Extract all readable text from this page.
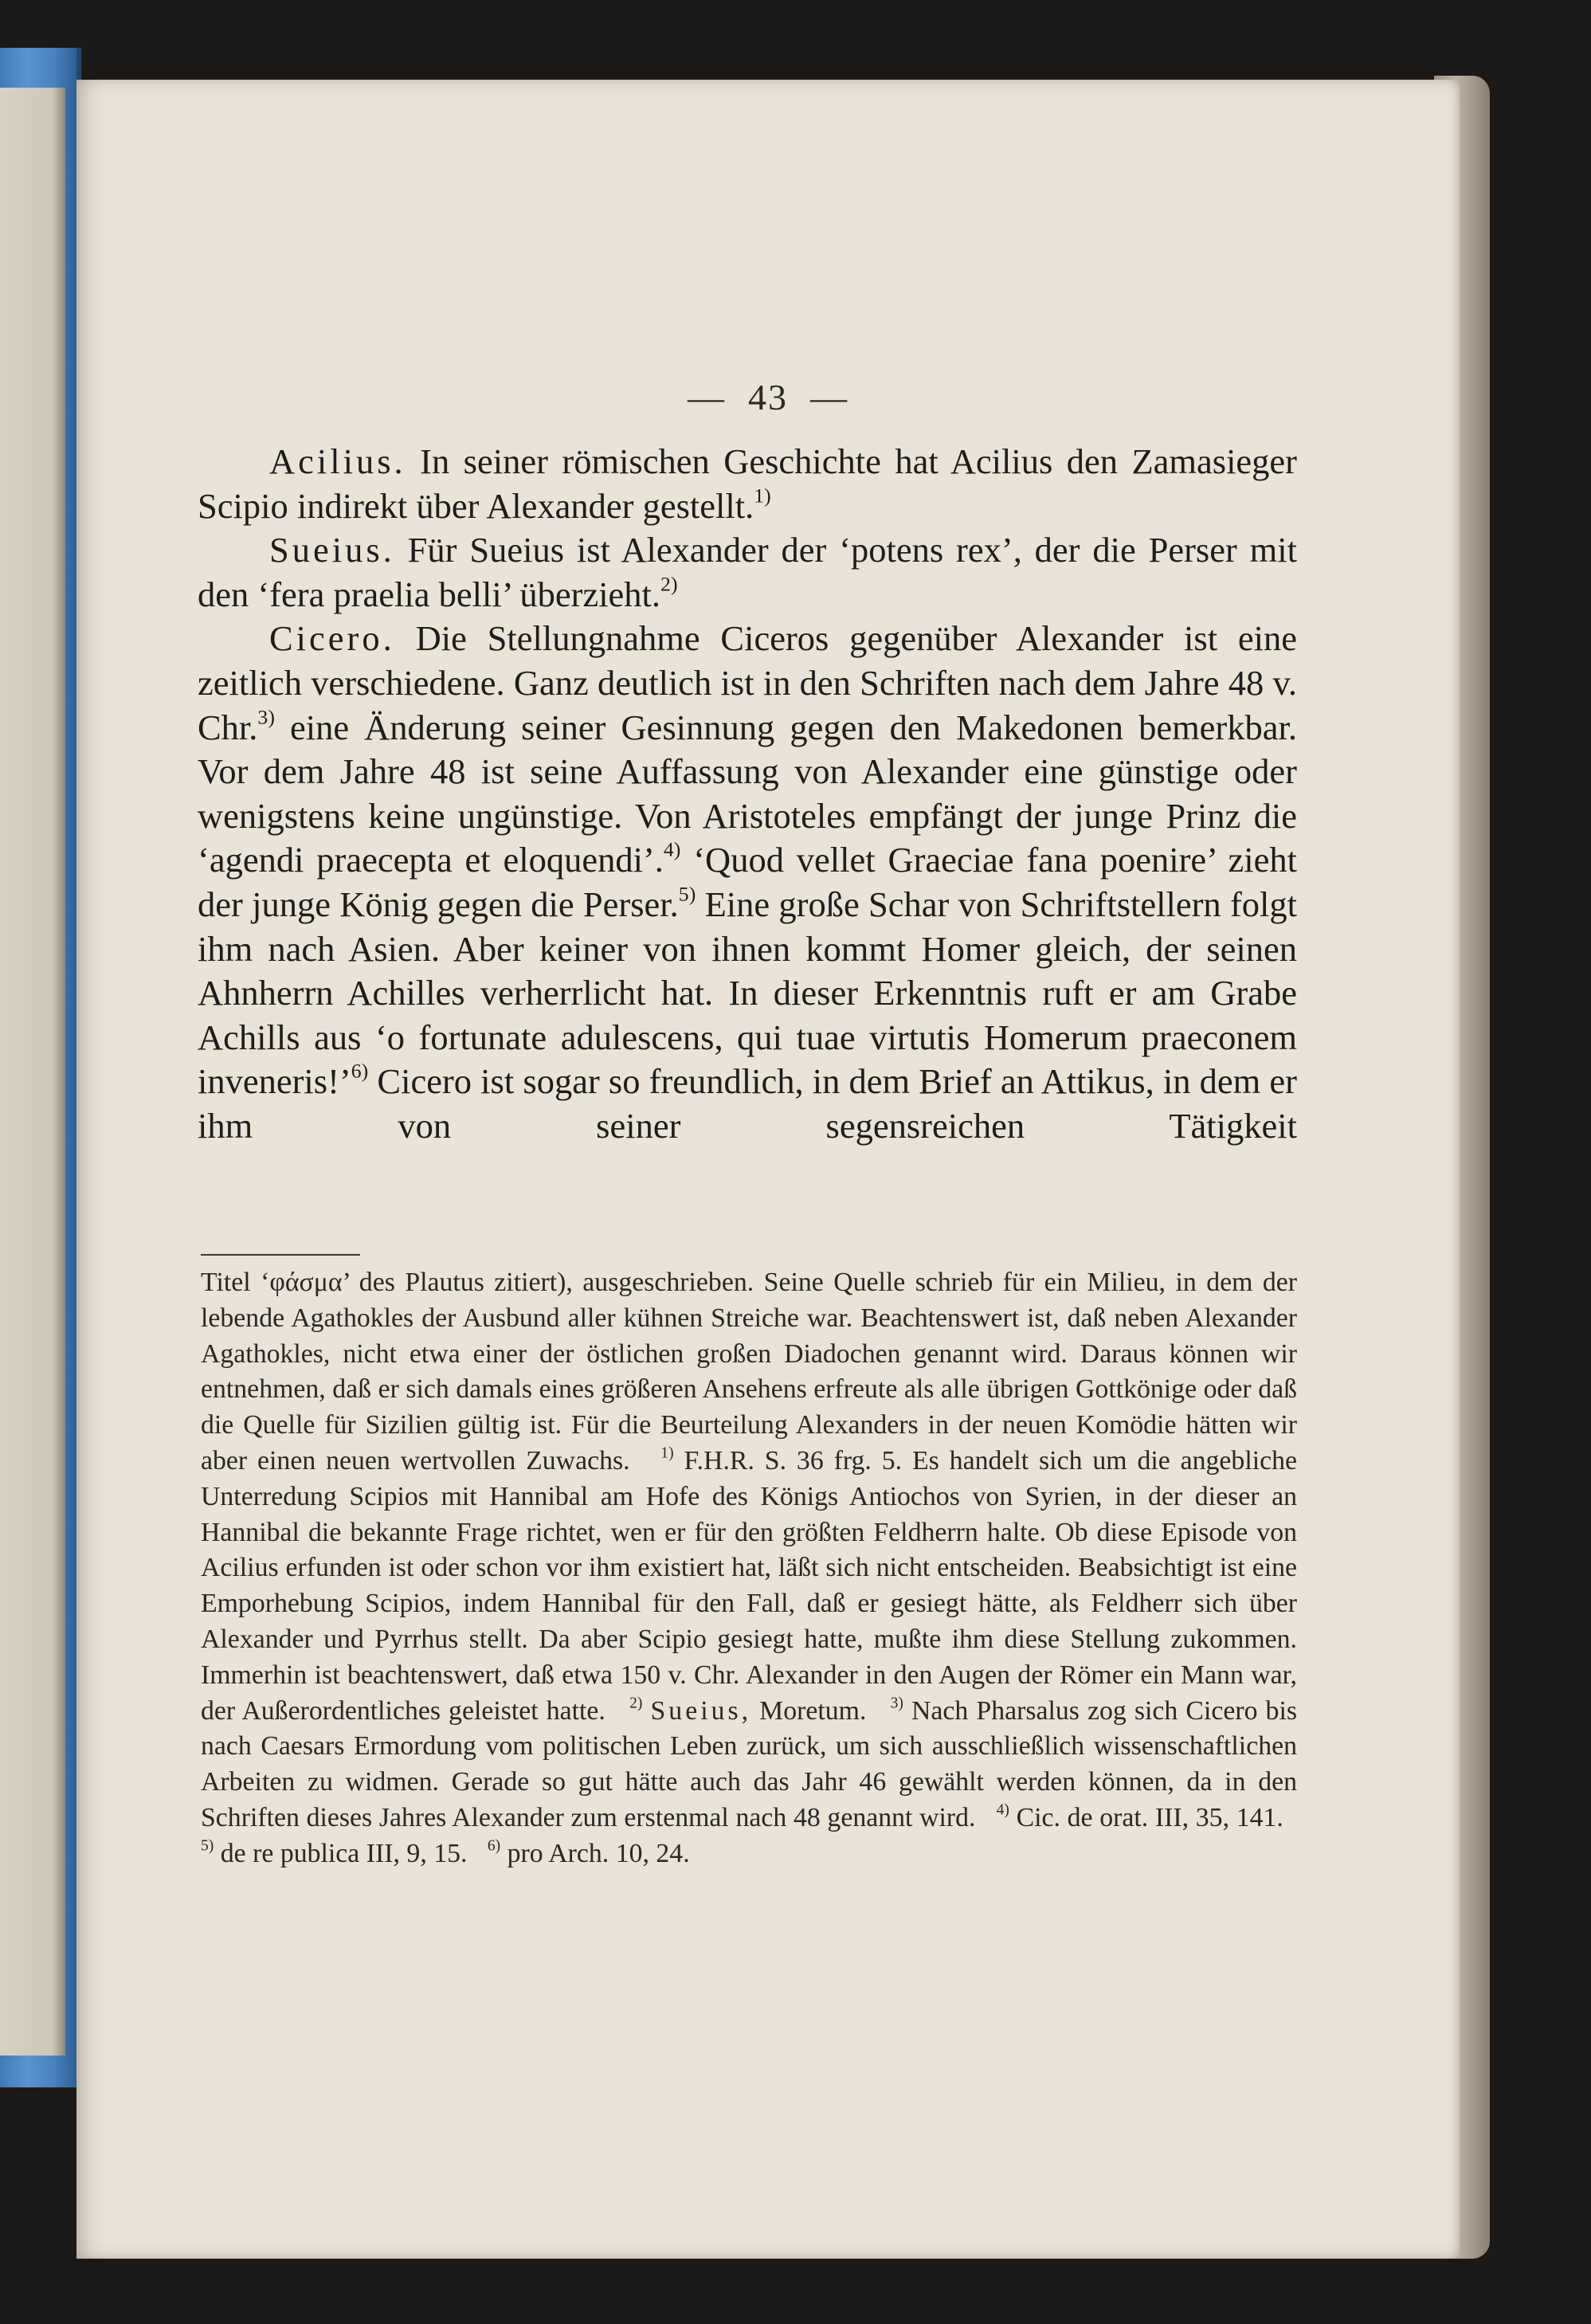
— 43 —

Acilius. In seiner römischen Geschichte hat Acilius den Zamasieger Scipio indirekt über Alexander gestellt.$^{1)}$

Sueius. Für Sueius ist Alexander der ‘potens rex’, der die Perser mit den ‘fera praelia belli’ überzieht.$^{2)}$

Cicero. Die Stellungnahme Ciceros gegenüber Alexander ist eine zeitlich verschiedene. Ganz deutlich ist in den Schriften nach dem Jahre 48 v. Chr.$^{3)}$ eine Änderung seiner Gesinnung gegen den Makedonen bemerkbar. Vor dem Jahre 48 ist seine Auffassung von Alexander eine günstige oder wenigstens keine ungünstige. Von Aristoteles empfängt der junge Prinz die ‘agendi praecepta et eloquendi’.$^{4)}$ ‘Quod vellet Graeciae fana poenire’ zieht der junge König gegen die Perser.$^{5)}$ Eine große Schar von Schriftstellern folgt ihm nach Asien. Aber keiner von ihnen kommt Homer gleich, der seinen Ahnherrn Achilles verherrlicht hat. In dieser Erkenntnis ruft er am Grabe Achills aus ‘o fortunate adulescens, qui tuae virtutis Homerum praeconem inveneris!’$^{6)}$ Cicero ist sogar so freundlich, in dem Brief an Attikus, in dem er ihm von seiner segensreichen Tätigkeit

Titel ‘φάσμα’ des Plautus zitiert), ausgeschrieben. Seine Quelle schrieb für ein Milieu, in dem der lebende Agathokles der Ausbund aller kühnen Streiche war. Beachtenswert ist, daß neben Alexander Agathokles, nicht etwa einer der östlichen großen Diadochen genannt wird. Daraus können wir entnehmen, daß er sich damals eines größeren Ansehens erfreute als alle übrigen Gottkönige oder daß die Quelle für Sizilien gültig ist. Für die Beurteilung Alexanders in der neuen Komödie hätten wir aber einen neuen wertvollen Zuwachs. $^{1)}$ F.H.R. S. 36 frg. 5. Es handelt sich um die angebliche Unterredung Scipios mit Hannibal am Hofe des Königs Antiochos von Syrien, in der dieser an Hannibal die bekannte Frage richtet, wen er für den größten Feldherrn halte. Ob diese Episode von Acilius erfunden ist oder schon vor ihm existiert hat, läßt sich nicht entscheiden. Beabsichtigt ist eine Emporhebung Scipios, indem Hannibal für den Fall, daß er gesiegt hätte, als Feldherr sich über Alexander und Pyrrhus stellt. Da aber Scipio gesiegt hatte, mußte ihm diese Stellung zukommen. Immerhin ist beachtenswert, daß etwa 150 v. Chr. Alexander in den Augen der Römer ein Mann war, der Außerordentliches geleistet hatte. $^{2)}$ Sueius, Moretum. $^{3)}$ Nach Pharsalus zog sich Cicero bis nach Caesars Ermordung vom politischen Leben zurück, um sich ausschließlich wissenschaftlichen Arbeiten zu widmen. Gerade so gut hätte auch das Jahr 46 gewählt werden können, da in den Schriften dieses Jahres Alexander zum erstenmal nach 48 genannt wird. $^{4)}$ Cic. de orat. III, 35, 141.   $^{5)}$ de re publica III, 9, 15. $^{6)}$ pro Arch. 10, 24.
